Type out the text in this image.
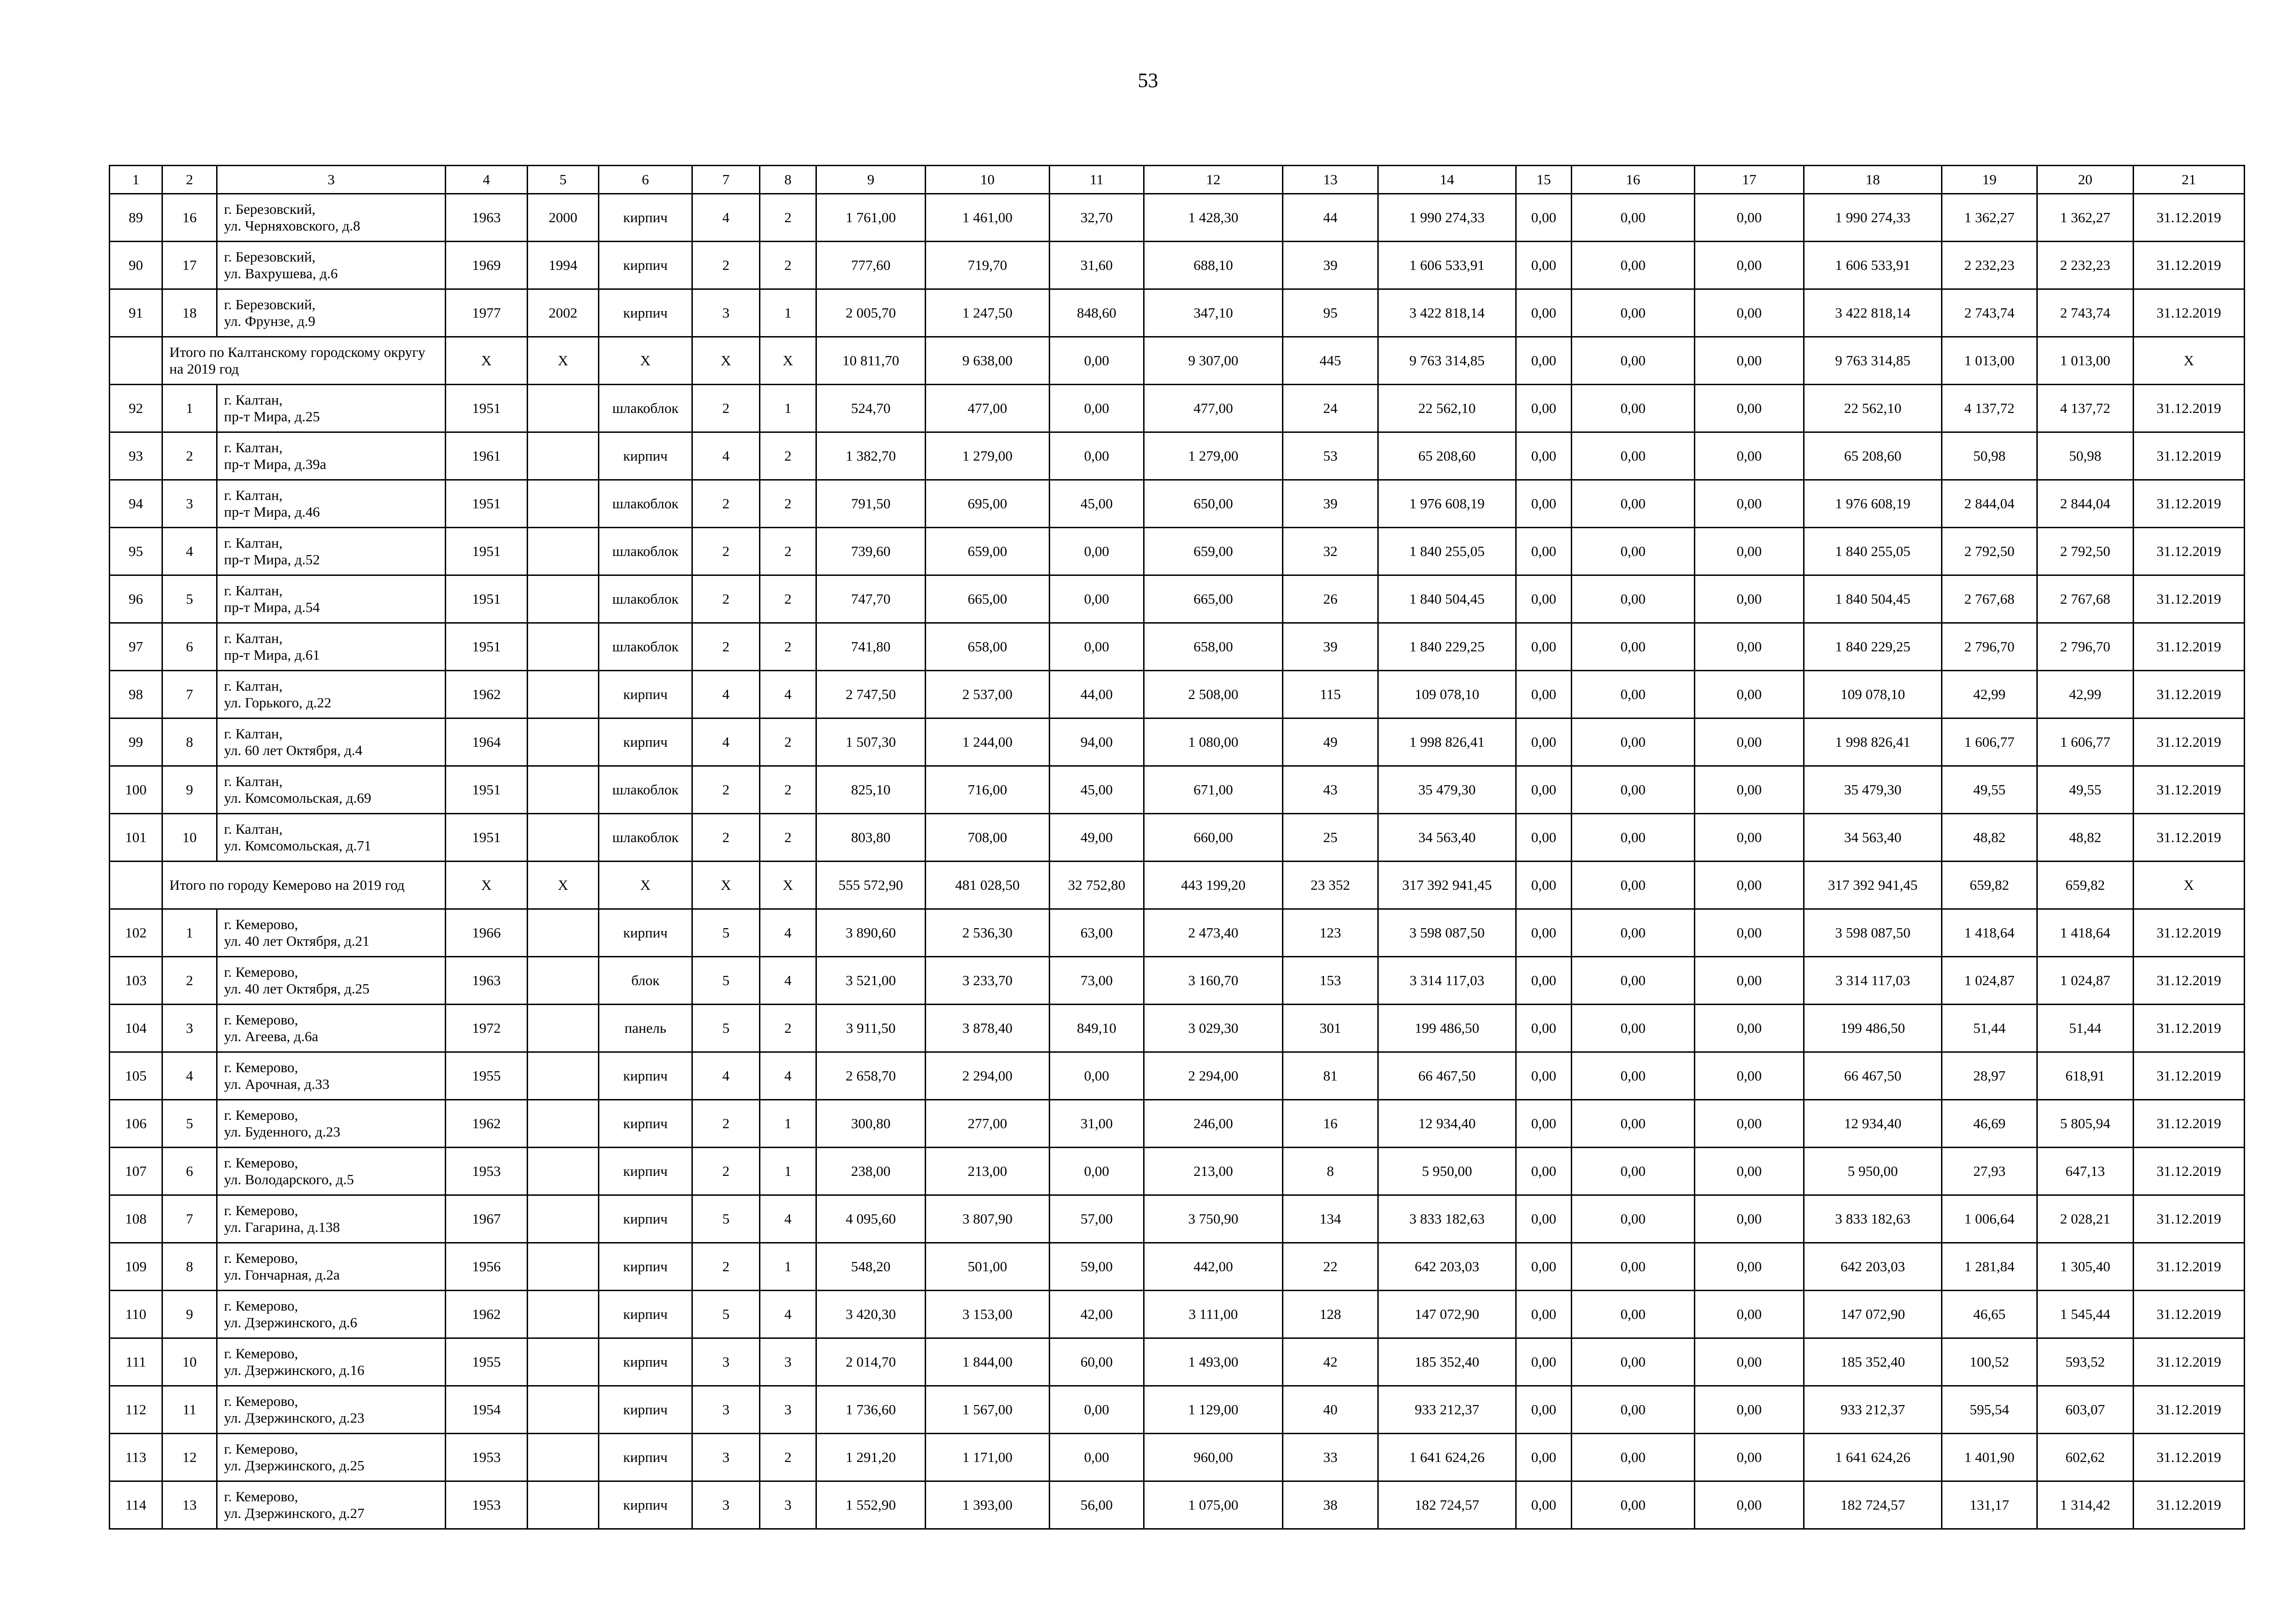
53
1	2	3	4	5	6	7	8	9	10	11	12	13	14	15	16	17	18	19	20	21
89	16	г. Березовский,
ул. Черняховского, д.8	1963	2000	кирпич	4	2	1 761,00	1 461,00	32,70	1 428,30	44	1 990 274,33	0,00	0,00	0,00	1 990 274,33	1 362,27	1 362,27	31.12.2019
90	17	г. Березовский,
ул. Вахрушева, д.6	1969	1994	кирпич	2	2	777,60	719,70	31,60	688,10	39	1 606 533,91	0,00	0,00	0,00	1 606 533,91	2 232,23	2 232,23	31.12.2019
91	18	г. Березовский,
ул. Фрунзе, д.9	1977	2002	кирпич	3	1	2 005,70	1 247,50	848,60	347,10	95	3 422 818,14	0,00	0,00	0,00	3 422 818,14	2 743,74	2 743,74	31.12.2019
	Итого по Калтанскому городскому округу на 2019 год		X	X	X	X	X	10 811,70	9 638,00	0,00	9 307,00	445	9 763 314,85	0,00	0,00	0,00	9 763 314,85	1 013,00	1 013,00	X
92	1	г. Калтан,
пр-т Мира, д.25	1951		шлакоблок	2	1	524,70	477,00	0,00	477,00	24	22 562,10	0,00	0,00	0,00	22 562,10	4 137,72	4 137,72	31.12.2019
93	2	г. Калтан,
пр-т Мира, д.39а	1961		кирпич	4	2	1 382,70	1 279,00	0,00	1 279,00	53	65 208,60	0,00	0,00	0,00	65 208,60	50,98	50,98	31.12.2019
94	3	г. Калтан,
пр-т Мира, д.46	1951		шлакоблок	2	2	791,50	695,00	45,00	650,00	39	1 976 608,19	0,00	0,00	0,00	1 976 608,19	2 844,04	2 844,04	31.12.2019
95	4	г. Калтан,
пр-т Мира, д.52	1951		шлакоблок	2	2	739,60	659,00	0,00	659,00	32	1 840 255,05	0,00	0,00	0,00	1 840 255,05	2 792,50	2 792,50	31.12.2019
96	5	г. Калтан,
пр-т Мира, д.54	1951		шлакоблок	2	2	747,70	665,00	0,00	665,00	26	1 840 504,45	0,00	0,00	0,00	1 840 504,45	2 767,68	2 767,68	31.12.2019
97	6	г. Калтан,
пр-т Мира, д.61	1951		шлакоблок	2	2	741,80	658,00	0,00	658,00	39	1 840 229,25	0,00	0,00	0,00	1 840 229,25	2 796,70	2 796,70	31.12.2019
98	7	г. Калтан,
ул. Горького, д.22	1962		кирпич	4	4	2 747,50	2 537,00	44,00	2 508,00	115	109 078,10	0,00	0,00	0,00	109 078,10	42,99	42,99	31.12.2019
99	8	г. Калтан,
ул. 60 лет Октября, д.4	1964		кирпич	4	2	1 507,30	1 244,00	94,00	1 080,00	49	1 998 826,41	0,00	0,00	0,00	1 998 826,41	1 606,77	1 606,77	31.12.2019
100	9	г. Калтан,
ул. Комсомольская, д.69	1951		шлакоблок	2	2	825,10	716,00	45,00	671,00	43	35 479,30	0,00	0,00	0,00	35 479,30	49,55	49,55	31.12.2019
101	10	г. Калтан,
ул. Комсомольская, д.71	1951		шлакоблок	2	2	803,80	708,00	49,00	660,00	25	34 563,40	0,00	0,00	0,00	34 563,40	48,82	48,82	31.12.2019
	Итого по городу Кемерово на 2019 год		X	X	X	X	X	555 572,90	481 028,50	32 752,80	443 199,20	23 352	317 392 941,45	0,00	0,00	0,00	317 392 941,45	659,82	659,82	X
102	1	г. Кемерово,
ул. 40 лет Октября, д.21	1966		кирпич	5	4	3 890,60	2 536,30	63,00	2 473,40	123	3 598 087,50	0,00	0,00	0,00	3 598 087,50	1 418,64	1 418,64	31.12.2019
103	2	г. Кемерово,
ул. 40 лет Октября, д.25	1963		блок	5	4	3 521,00	3 233,70	73,00	3 160,70	153	3 314 117,03	0,00	0,00	0,00	3 314 117,03	1 024,87	1 024,87	31.12.2019
104	3	г. Кемерово,
ул. Агеева, д.6а	1972		панель	5	2	3 911,50	3 878,40	849,10	3 029,30	301	199 486,50	0,00	0,00	0,00	199 486,50	51,44	51,44	31.12.2019
105	4	г. Кемерово,
ул. Арочная, д.33	1955		кирпич	4	4	2 658,70	2 294,00	0,00	2 294,00	81	66 467,50	0,00	0,00	0,00	66 467,50	28,97	618,91	31.12.2019
106	5	г. Кемерово,
ул. Буденного, д.23	1962		кирпич	2	1	300,80	277,00	31,00	246,00	16	12 934,40	0,00	0,00	0,00	12 934,40	46,69	5 805,94	31.12.2019
107	6	г. Кемерово,
ул. Володарского, д.5	1953		кирпич	2	1	238,00	213,00	0,00	213,00	8	5 950,00	0,00	0,00	0,00	5 950,00	27,93	647,13	31.12.2019
108	7	г. Кемерово,
ул. Гагарина, д.138	1967		кирпич	5	4	4 095,60	3 807,90	57,00	3 750,90	134	3 833 182,63	0,00	0,00	0,00	3 833 182,63	1 006,64	2 028,21	31.12.2019
109	8	г. Кемерово,
ул. Гончарная, д.2а	1956		кирпич	2	1	548,20	501,00	59,00	442,00	22	642 203,03	0,00	0,00	0,00	642 203,03	1 281,84	1 305,40	31.12.2019
110	9	г. Кемерово,
ул. Дзержинского, д.6	1962		кирпич	5	4	3 420,30	3 153,00	42,00	3 111,00	128	147 072,90	0,00	0,00	0,00	147 072,90	46,65	1 545,44	31.12.2019
111	10	г. Кемерово,
ул. Дзержинского, д.16	1955		кирпич	3	3	2 014,70	1 844,00	60,00	1 493,00	42	185 352,40	0,00	0,00	0,00	185 352,40	100,52	593,52	31.12.2019
112	11	г. Кемерово,
ул. Дзержинского, д.23	1954		кирпич	3	3	1 736,60	1 567,00	0,00	1 129,00	40	933 212,37	0,00	0,00	0,00	933 212,37	595,54	603,07	31.12.2019
113	12	г. Кемерово,
ул. Дзержинского, д.25	1953		кирпич	3	2	1 291,20	1 171,00	0,00	960,00	33	1 641 624,26	0,00	0,00	0,00	1 641 624,26	1 401,90	602,62	31.12.2019
114	13	г. Кемерово,
ул. Дзержинского, д.27	1953		кирпич	3	3	1 552,90	1 393,00	56,00	1 075,00	38	182 724,57	0,00	0,00	0,00	182 724,57	131,17	1 314,42	31.12.2019
